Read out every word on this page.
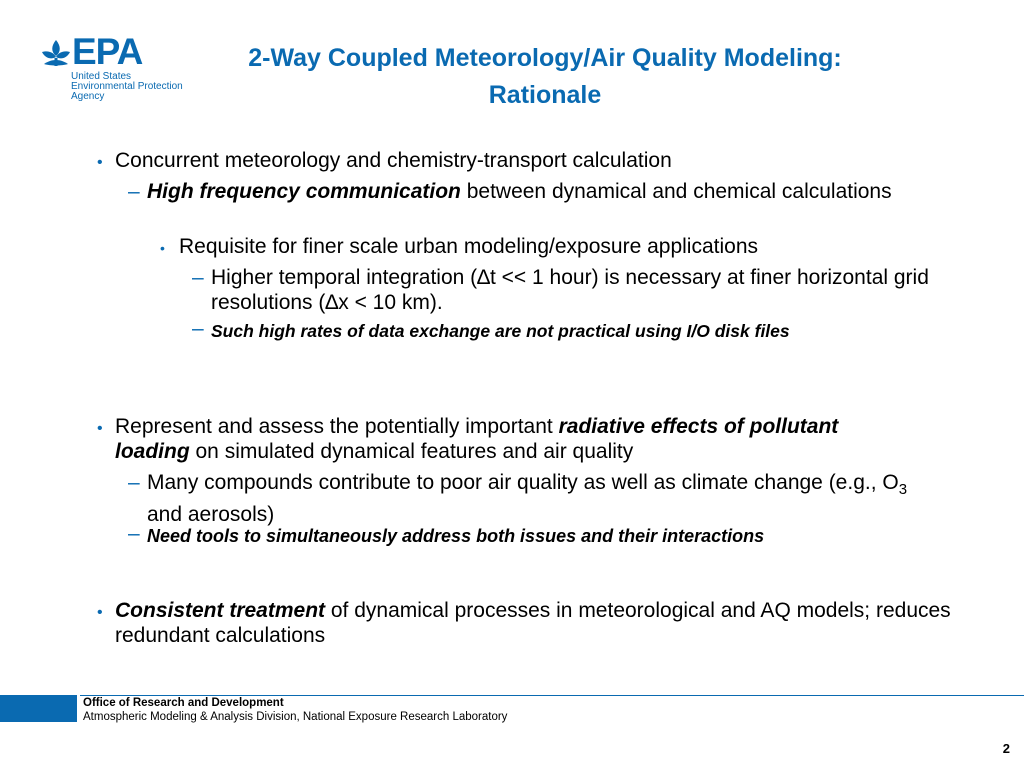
EPA
United States
Environmental Protection
Agency
2-Way Coupled Meteorology/Air Quality Modeling:
Rationale
• Concurrent meteorology and chemistry-transport calculation
– High frequency communication between dynamical and chemical calculations
• Requisite for finer scale urban modeling/exposure applications
– Higher temporal integration (∆t << 1 hour) is necessary at finer horizontal grid resolutions (∆x < 10 km).
– Such high rates of data exchange are not practical using I/O disk files
• Represent and assess the potentially important radiative effects of pollutant loading on simulated dynamical features and air quality
– Many compounds contribute to poor air quality as well as climate change (e.g., $O_3$ and aerosols)
– Need tools to simultaneously address both issues and their interactions
• Consistent treatment of dynamical processes in meteorological and AQ models; reduces redundant calculations
Office of Research and Development
Atmospheric Modeling & Analysis Division, National Exposure Research Laboratory
2
